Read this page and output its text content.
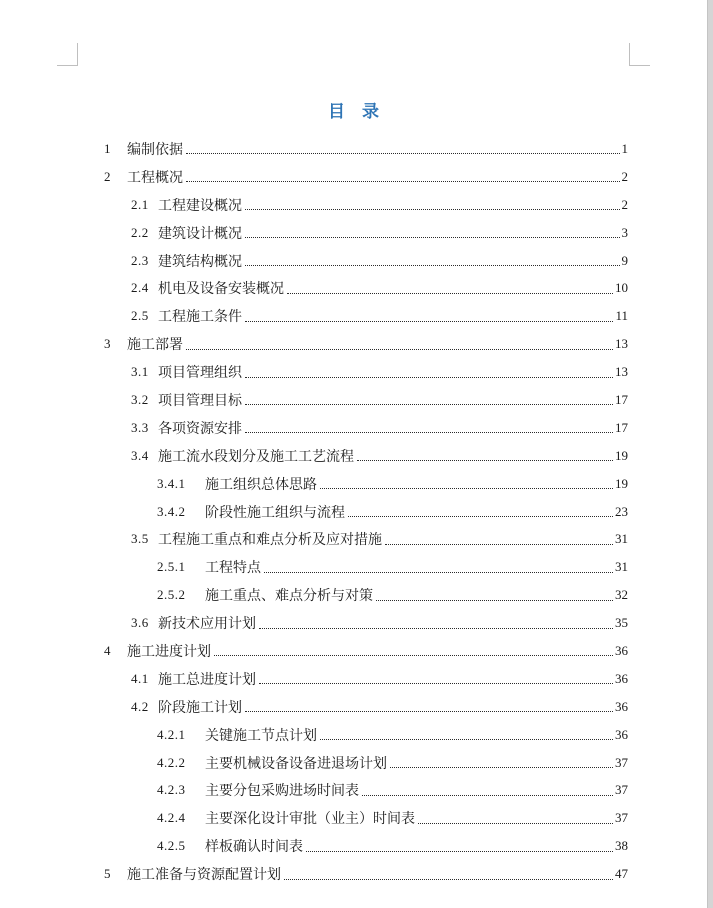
目　录
1	编制依据	1
2	工程概况	2
2.1 工程建设概况	2
2.2 建筑设计概况	3
2.3 建筑结构概况	9
2.4 机电及设备安装概况	10
2.5 工程施工条件	11
3	施工部署	13
3.1 项目管理组织	13
3.2 项目管理目标	17
3.3 各项资源安排	17
3.4 施工流水段划分及施工工艺流程	19
3.4.1	施工组织总体思路	19
3.4.2	阶段性施工组织与流程	23
3.5 工程施工重点和难点分析及应对措施	31
2.5.1	工程特点	31
2.5.2	施工重点、难点分析与对策	32
3.6 新技术应用计划	35
4	施工进度计划	36
4.1 施工总进度计划	36
4.2 阶段施工计划	36
4.2.1	关键施工节点计划	36
4.2.2	主要机械设备设备进退场计划	37
4.2.3	主要分包采购进场时间表	37
4.2.4	主要深化设计审批（业主）时间表	37
4.2.5	样板确认时间表	38
5	施工准备与资源配置计划	47
